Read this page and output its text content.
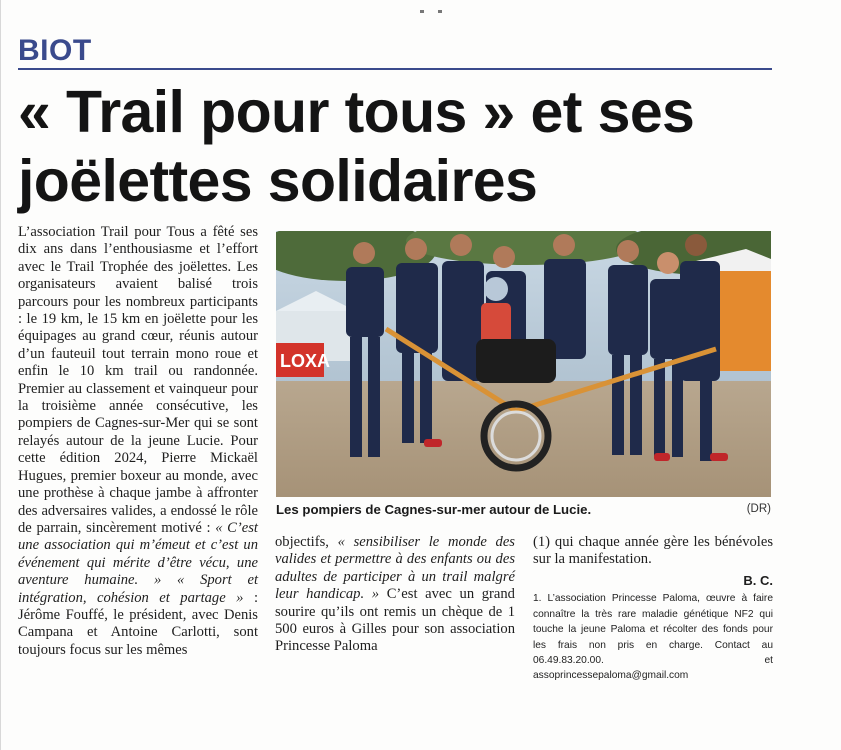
BIOT
« Trail pour tous » et ses joëlettes solidaires

L’association Trail pour Tous a fêté ses dix ans dans l’enthousiasme et l’effort avec le Trail Trophée des joëlettes. Les organisateurs avaient balisé trois parcours pour les nombreux participants : le 19 km, le 15 km en joëlette pour les équipages au grand cœur, réunis autour d’un fauteuil tout terrain mono roue et enfin le 10 km trail ou randonnée. Premier au classement et vainqueur pour la troisième année consécutive, les pompiers de Cagnes-sur-Mer qui se sont relayés autour de la jeune Lucie. Pour cette édition 2024, Pierre Mickaël Hugues, premier boxeur au monde, avec une prothèse à chaque jambe à affronter des adversaires valides, a endossé le rôle de parrain, sincèrement motivé : « C’est une association qui m’émeut et c’est un événement qui mérite d’être vécu, une aventure humaine. » « Sport et intégration, cohésion et partage » : Jérôme Fouffé, le président, avec Denis Campana et Antoine Carlotti, sont toujours focus sur les mêmes

LOXA
Les pompiers de Cagnes-sur-mer autour de Lucie.	(DR)

objectifs, « sensibiliser le monde des valides et permettre à des enfants ou des adultes de participer à un trail malgré leur handicap. » C’est avec un grand sourire qu’ils ont remis un chèque de 1 500 euros à Gilles pour son association Princesse Paloma

(1) qui chaque année gère les bénévoles sur la manifestation.

B. C.
1. L’association Princesse Paloma, œuvre à faire connaître la très rare maladie génétique NF2 qui touche la jeune Paloma et récolter des fonds pour les frais non pris en charge. Contact au 06.49.83.20.00. et assoprincessepaloma@gmail.com
